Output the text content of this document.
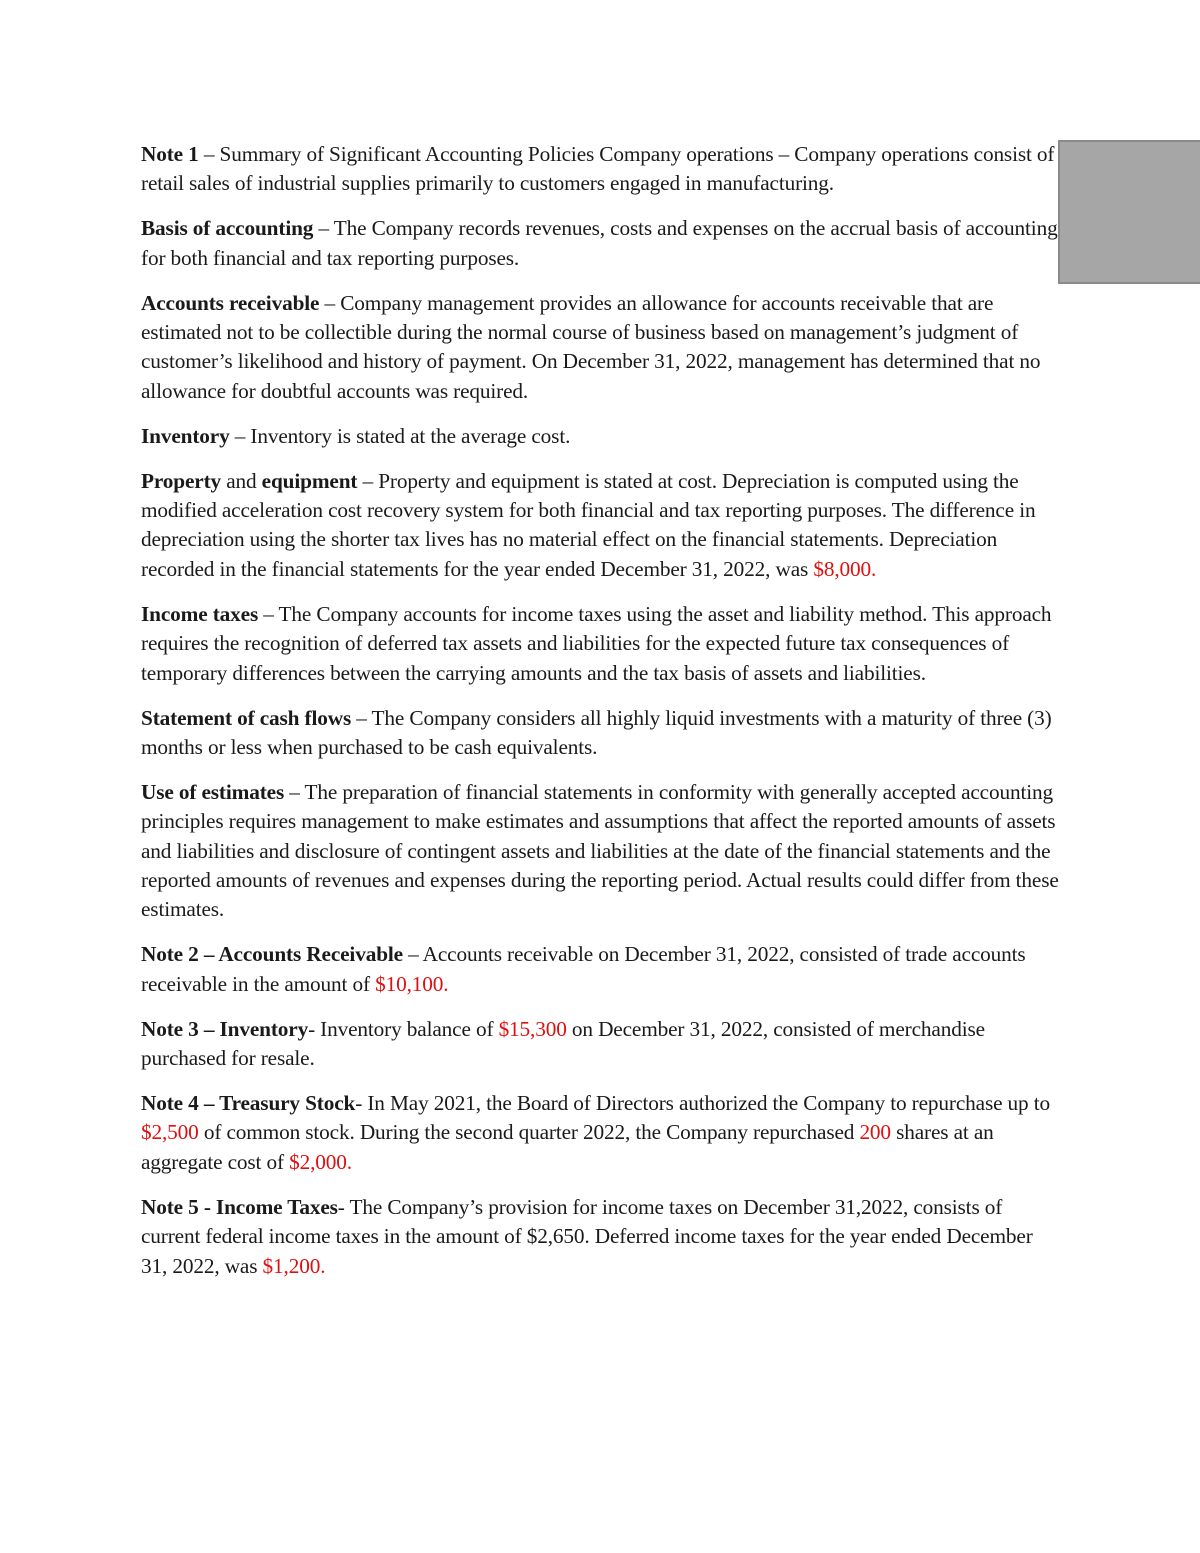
Note 1 – Summary of Significant Accounting Policies Company operations – Company operations consist of retail sales of industrial supplies primarily to customers engaged in manufacturing.

Basis of accounting – The Company records revenues, costs and expenses on the accrual basis of accounting for both financial and tax reporting purposes.

Accounts receivable – Company management provides an allowance for accounts receivable that are estimated not to be collectible during the normal course of business based on management’s judgment of customer’s likelihood and history of payment. On December 31, 2022, management has determined that no allowance for doubtful accounts was required.

Inventory – Inventory is stated at the average cost.

Property and equipment – Property and equipment is stated at cost. Depreciation is computed using the modified acceleration cost recovery system for both financial and tax reporting purposes. The difference in depreciation using the shorter tax lives has no material effect on the financial statements. Depreciation recorded in the financial statements for the year ended December 31, 2022, was $8,000.

Income taxes – The Company accounts for income taxes using the asset and liability method. This approach requires the recognition of deferred tax assets and liabilities for the expected future tax consequences of temporary differences between the carrying amounts and the tax basis of assets and liabilities.

Statement of cash flows – The Company considers all highly liquid investments with a maturity of three (3) months or less when purchased to be cash equivalents.

Use of estimates – The preparation of financial statements in conformity with generally accepted accounting principles requires management to make estimates and assumptions that affect the reported amounts of assets and liabilities and disclosure of contingent assets and liabilities at the date of the financial statements and the reported amounts of revenues and expenses during the reporting period. Actual results could differ from these estimates.

Note 2 – Accounts Receivable – Accounts receivable on December 31, 2022, consisted of trade accounts receivable in the amount of $10,100.

Note 3 – Inventory- Inventory balance of $15,300 on December 31, 2022, consisted of merchandise purchased for resale.

Note 4 – Treasury Stock- In May 2021, the Board of Directors authorized the Company to repurchase up to $2,500 of common stock. During the second quarter 2022, the Company repurchased 200 shares at an aggregate cost of $2,000.

Note 5 - Income Taxes- The Company’s provision for income taxes on December 31,2022, consists of current federal income taxes in the amount of $2,650. Deferred income taxes for the year ended December 31, 2022, was $1,200.
